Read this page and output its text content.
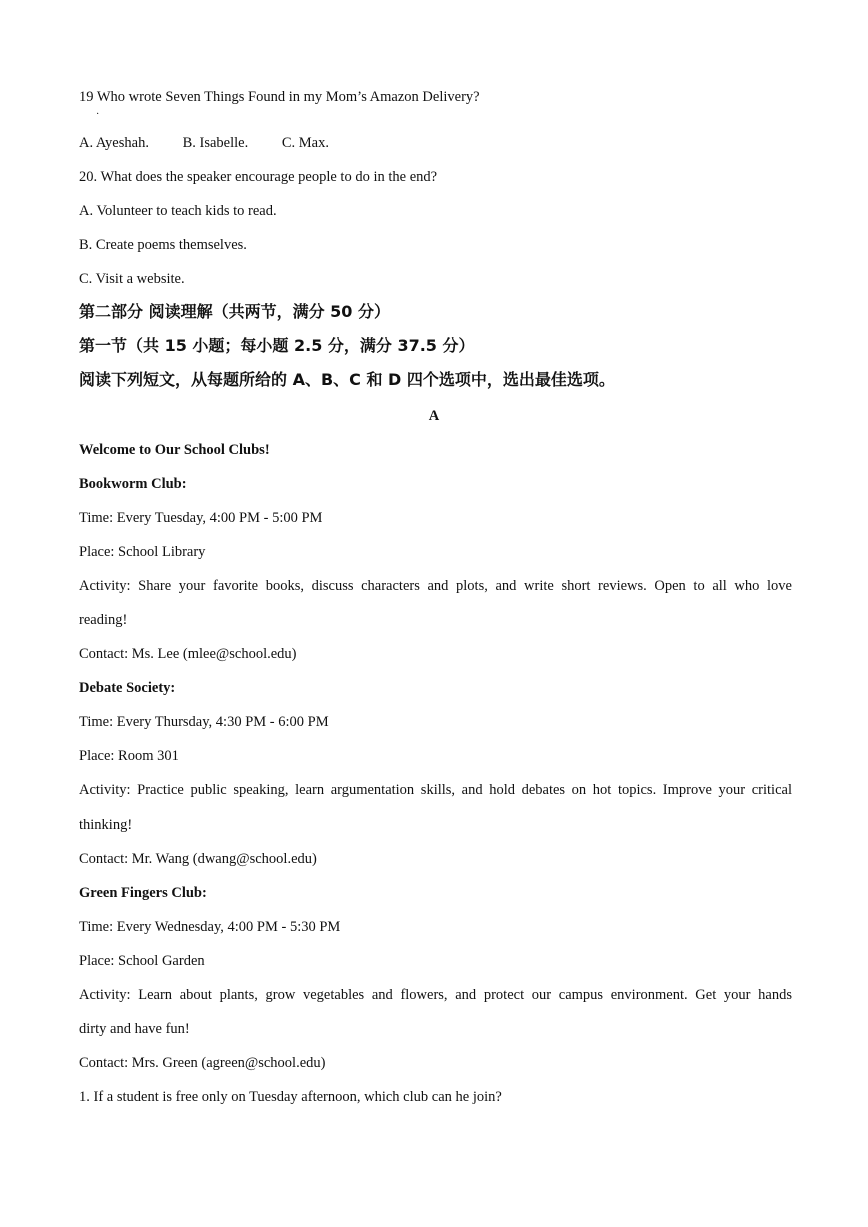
19 Who wrote Seven Things Found in my Mom’s Amazon Delivery?
·
A. Ayeshah. B. Isabelle. C. Max.
20. What does the speaker encourage people to do in the end?
A. Volunteer to teach kids to read.
B. Create poems themselves.
C. Visit a website.
第二部分 阅读理解（共两节，满分 50 分）
第一节（共 15 小题；每小题 2.5 分，满分 37.5 分）
阅读下列短文，从每题所给的 A、B、C 和 D 四个选项中，选出最佳选项。
A
Welcome to Our School Clubs!
Bookworm Club:
Time: Every Tuesday, 4:00 PM - 5:00 PM
Place: School Library
Activity: Share your favorite books, discuss characters and plots, and write short reviews. Open to all who love
reading!
Contact: Ms. Lee (mlee@school.edu)
Debate Society:
Time: Every Thursday, 4:30 PM - 6:00 PM
Place: Room 301
Activity: Practice public speaking, learn argumentation skills, and hold debates on hot topics. Improve your critical
thinking!
Contact: Mr. Wang (dwang@school.edu)
Green Fingers Club:
Time: Every Wednesday, 4:00 PM - 5:30 PM
Place: School Garden
Activity: Learn about plants, grow vegetables and flowers, and protect our campus environment. Get your hands
dirty and have fun!
Contact: Mrs. Green (agreen@school.edu)
1. If a student is free only on Tuesday afternoon, which club can he join?
